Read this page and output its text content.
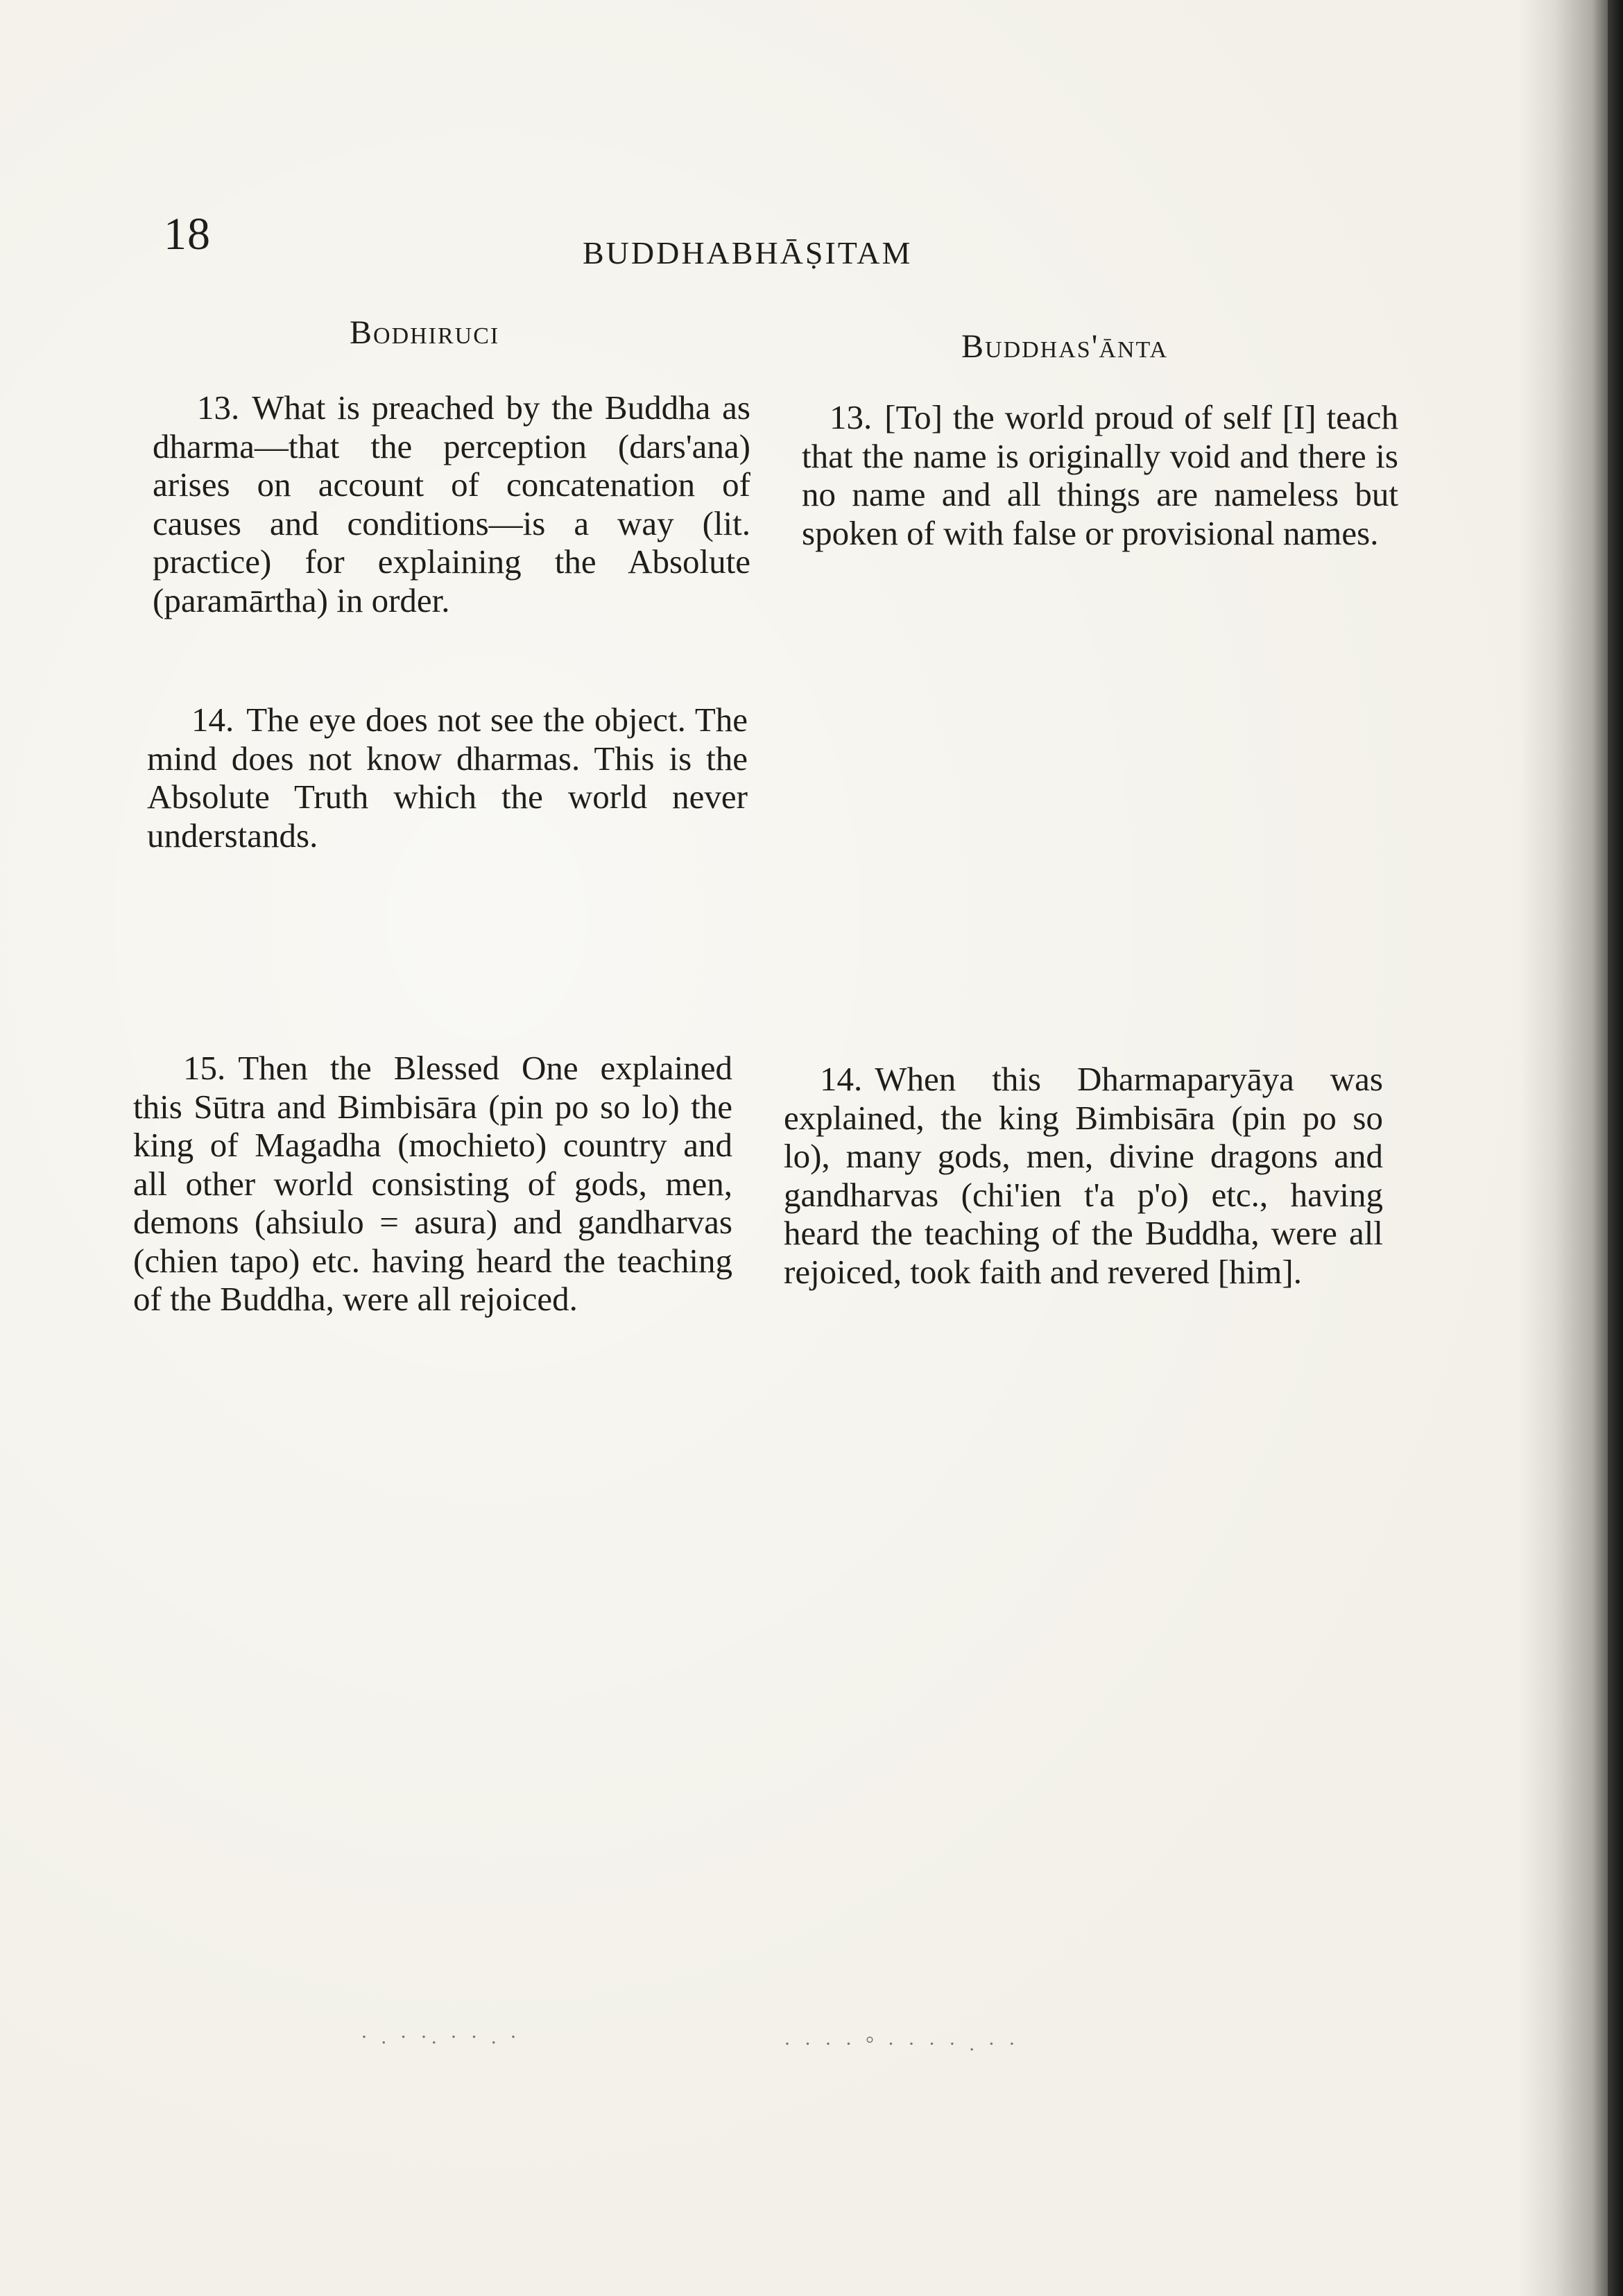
18	BUDDHABHĀṢITAM
Bodhiruci	Buddhas'ānta

13. What is preached by the Buddha as dharma—that the perception (dars'ana) arises on account of concatenation of causes and conditions—is a way (lit. practice) for explaining the Absolute (paramārtha) in order.

14. The eye does not see the object. The mind does not know dharmas. This is the Absolute Truth which the world never understands.

15. Then the Blessed One explained this Sūtra and Bimbisāra (pin po so lo) the king of Magadha (mochieto) country and all other world consisting of gods, men, demons (ahsiulo = asura) and gandharvas (chien tapo) etc. having heard the teaching of the Buddha, were all rejoiced.

13. [To] the world proud of self [I] teach that the name is originally void and there is no name and all things are nameless but spoken of with false or provisional names.

14. When this Dharmaparyāya was explained, the king Bimbisāra (pin po so lo), many gods, men, divine dragons and gandharvas (chi'ien t'a p'o) etc., having heard the teaching of the Buddha, were all rejoiced, took faith and revered [him].

· . · ·. · · . ·	· · · · ° · · · · . · ·
